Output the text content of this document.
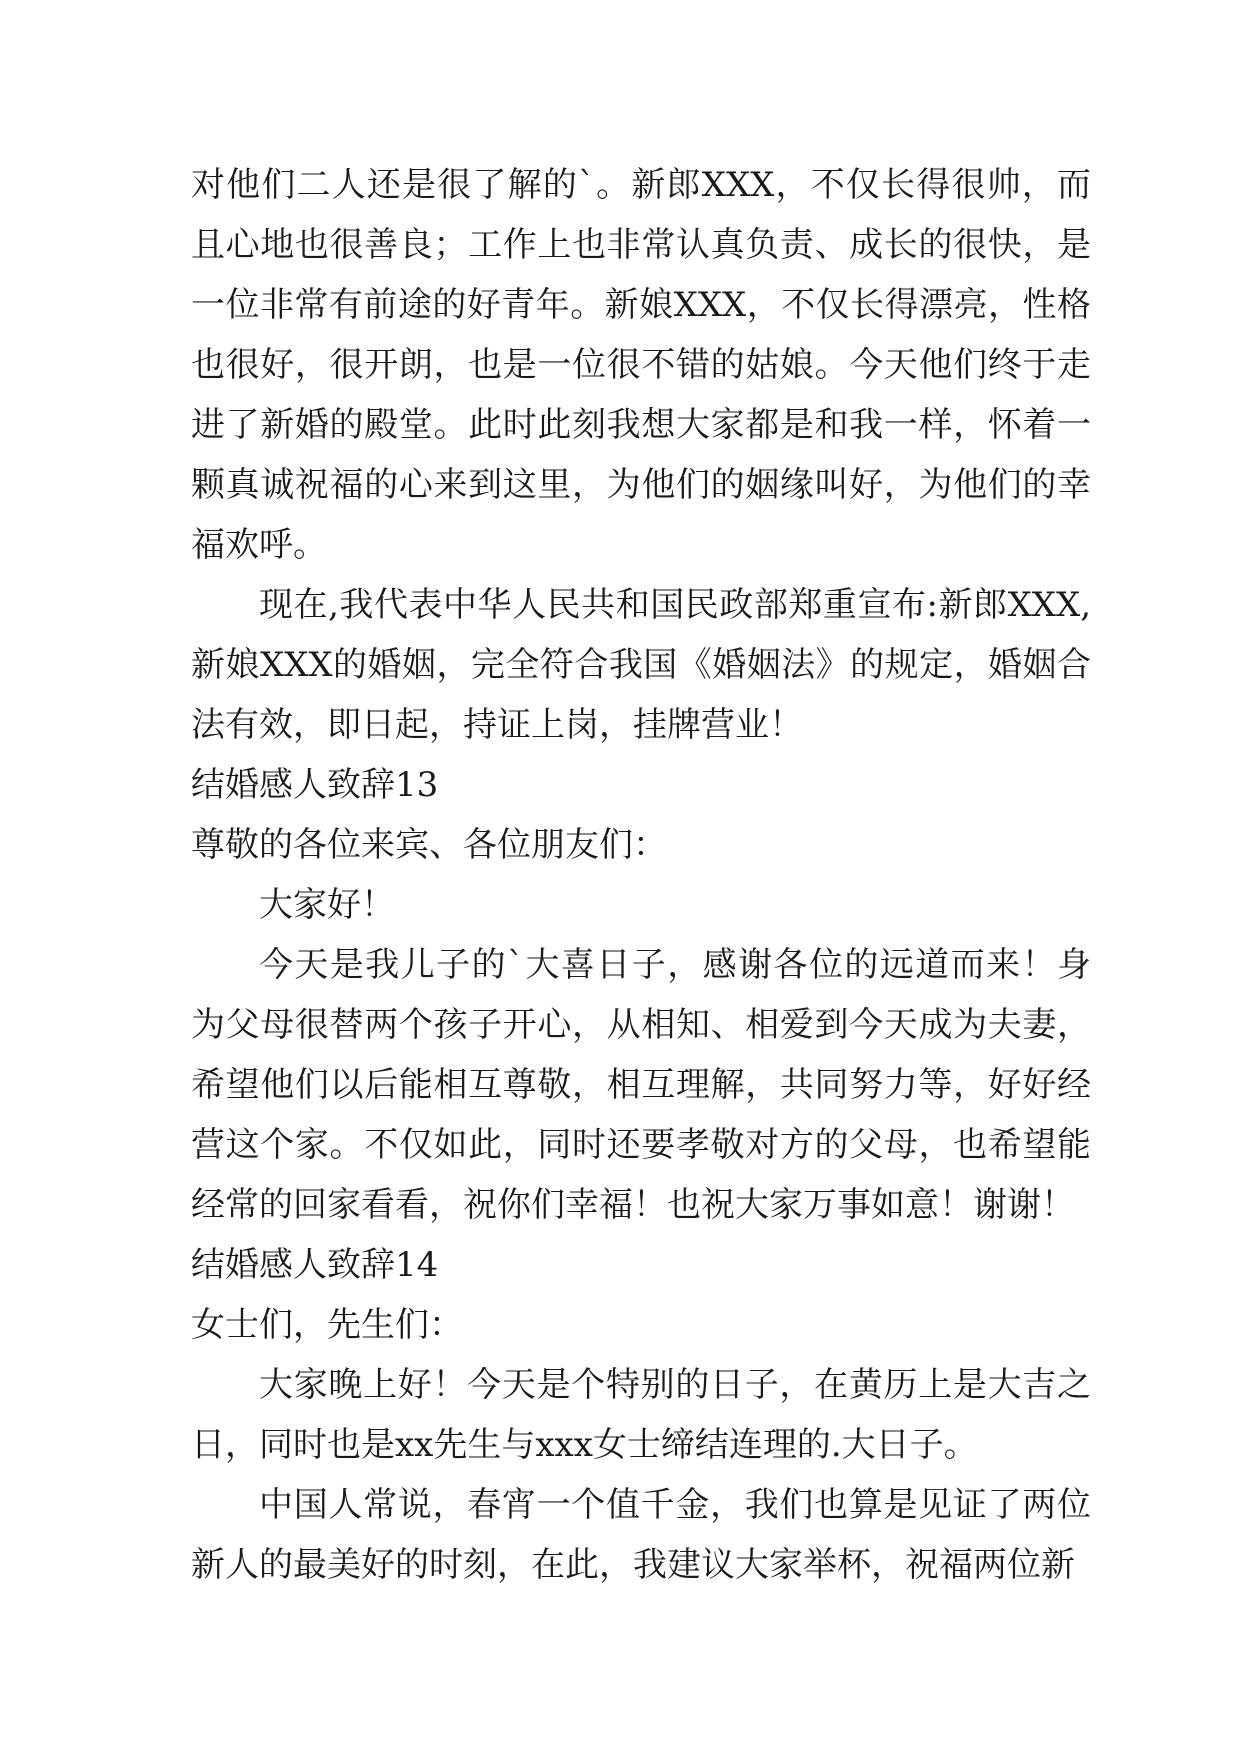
对他们二人还是很了解的`。新郎XXX，不仅长得很帅，而且心地也很善良；工作上也非常认真负责、成长的很快，是一位非常有前途的好青年。新娘XXX，不仅长得漂亮，性格也很好，很开朗，也是一位很不错的姑娘。今天他们终于走进了新婚的殿堂。此时此刻我想大家都是和我一样，怀着一颗真诚祝福的心来到这里，为他们的姻缘叫好，为他们的幸福欢呼。

现在,我代表中华人民共和国民政部郑重宣布:新郎XXX,新娘XXX的婚姻，完全符合我国《婚姻法》的规定，婚姻合法有效，即日起，持证上岗，挂牌营业！

结婚感人致辞13

尊敬的各位来宾、各位朋友们：

大家好！

今天是我儿子的`大喜日子，感谢各位的远道而来！身为父母很替两个孩子开心，从相知、相爱到今天成为夫妻，希望他们以后能相互尊敬，相互理解，共同努力等，好好经营这个家。不仅如此，同时还要孝敬对方的父母，也希望能经常的回家看看，祝你们幸福！也祝大家万事如意！谢谢！

结婚感人致辞14

女士们，先生们：

大家晚上好！今天是个特别的日子，在黄历上是大吉之日，同时也是xx先生与xxx女士缔结连理的.大日子。

中国人常说，春宵一个值千金，我们也算是见证了两位新人的最美好的时刻，在此，我建议大家举杯，祝福两位新
